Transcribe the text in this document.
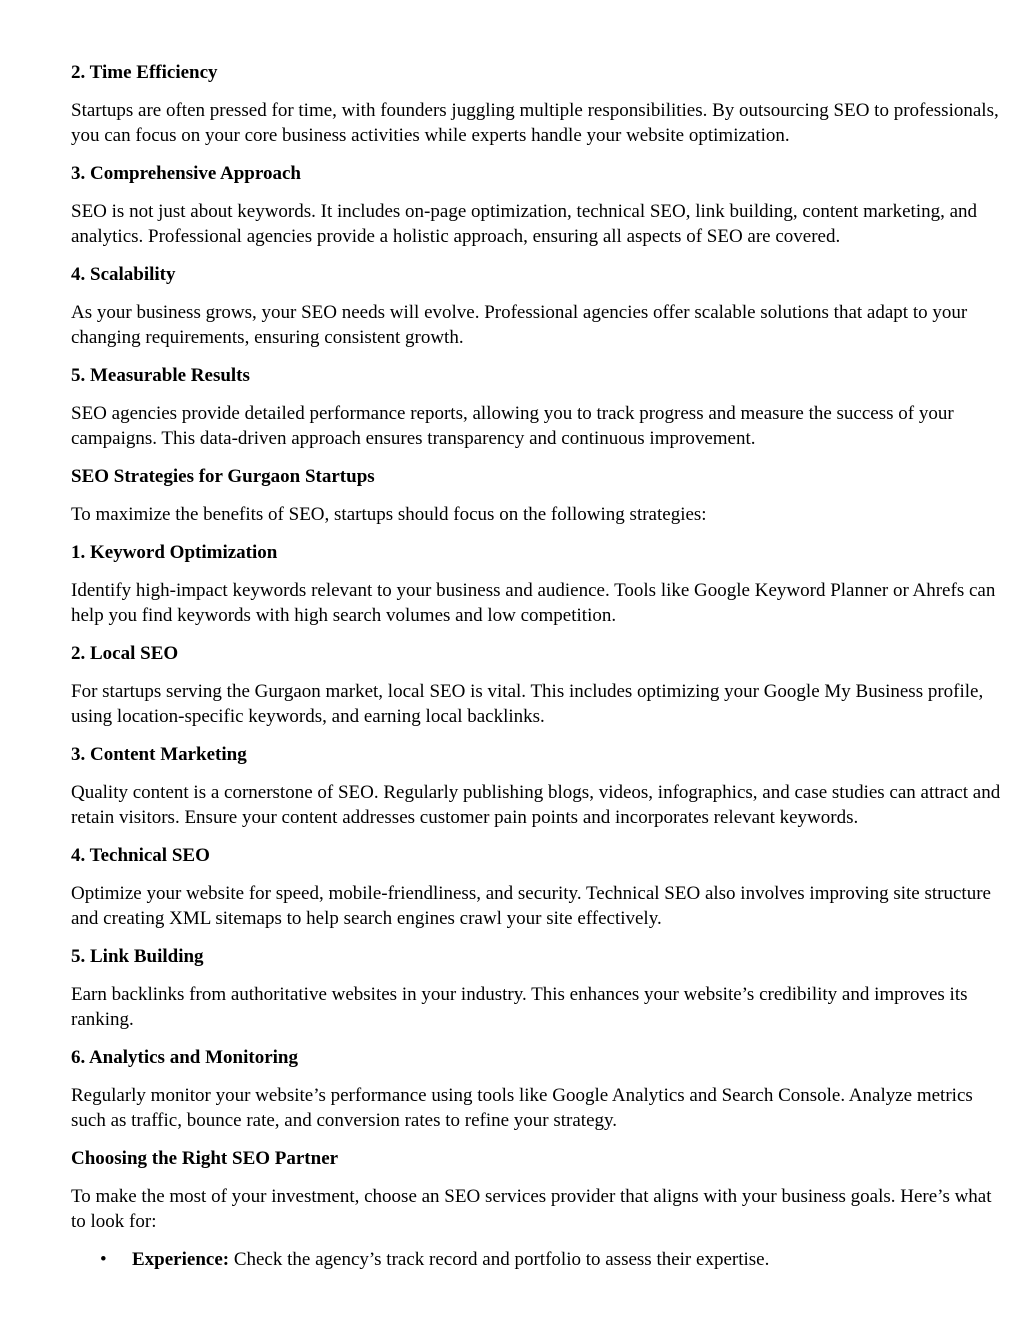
2. Time Efficiency

Startups are often pressed for time, with founders juggling multiple responsibilities. By outsourcing SEO to professionals, you can focus on your core business activities while experts handle your website optimization.

3. Comprehensive Approach

SEO is not just about keywords. It includes on-page optimization, technical SEO, link building, content marketing, and analytics. Professional agencies provide a holistic approach, ensuring all aspects of SEO are covered.

4. Scalability

As your business grows, your SEO needs will evolve. Professional agencies offer scalable solutions that adapt to your changing requirements, ensuring consistent growth.

5. Measurable Results

SEO agencies provide detailed performance reports, allowing you to track progress and measure the success of your campaigns. This data-driven approach ensures transparency and continuous improvement.

SEO Strategies for Gurgaon Startups

To maximize the benefits of SEO, startups should focus on the following strategies:

1. Keyword Optimization

Identify high-impact keywords relevant to your business and audience. Tools like Google Keyword Planner or Ahrefs can help you find keywords with high search volumes and low competition.

2. Local SEO

For startups serving the Gurgaon market, local SEO is vital. This includes optimizing your Google My Business profile, using location-specific keywords, and earning local backlinks.

3. Content Marketing

Quality content is a cornerstone of SEO. Regularly publishing blogs, videos, infographics, and case studies can attract and retain visitors. Ensure your content addresses customer pain points and incorporates relevant keywords.

4. Technical SEO

Optimize your website for speed, mobile-friendliness, and security. Technical SEO also involves improving site structure and creating XML sitemaps to help search engines crawl your site effectively.

5. Link Building

Earn backlinks from authoritative websites in your industry. This enhances your website’s credibility and improves its ranking.

6. Analytics and Monitoring

Regularly monitor your website’s performance using tools like Google Analytics and Search Console. Analyze metrics such as traffic, bounce rate, and conversion rates to refine your strategy.

Choosing the Right SEO Partner

To make the most of your investment, choose an SEO services provider that aligns with your business goals. Here’s what to look for:

• Experience: Check the agency’s track record and portfolio to assess their expertise.
